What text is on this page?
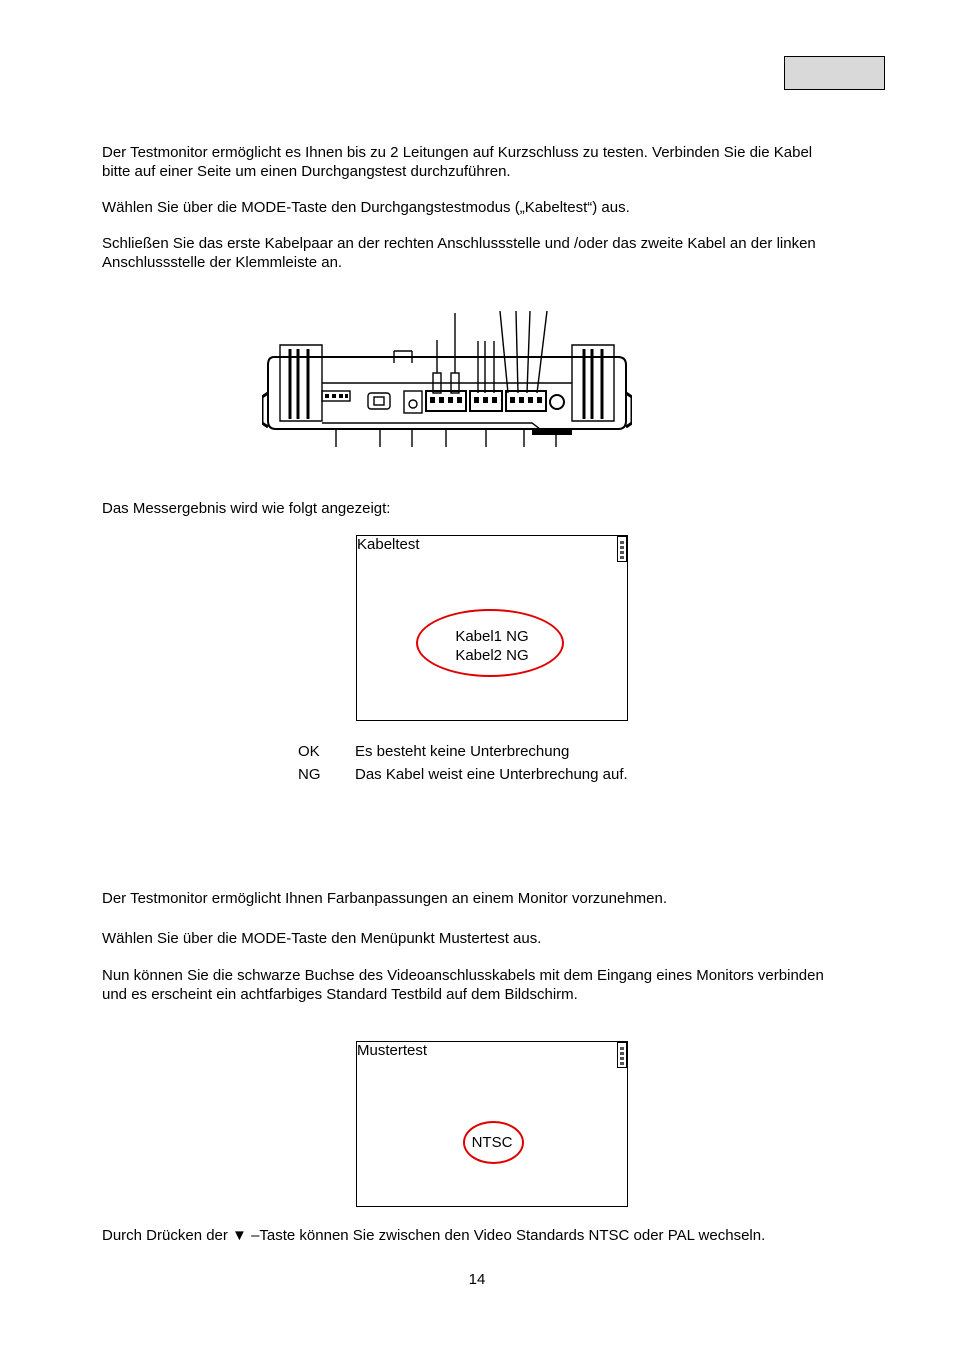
Der Testmonitor ermöglicht es Ihnen bis zu 2 Leitungen auf Kurzschluss zu testen. Verbinden Sie die Kabel
bitte auf einer Seite um einen Durchgangstest durchzuführen.

Wählen Sie über die MODE-Taste den Durchgangstestmodus („Kabeltest“) aus.

Schließen Sie das erste Kabelpaar an der rechten Anschlussstelle und /oder das zweite Kabel an der linken
Anschlussstelle der Klemmleiste an.

Das Messergebnis wird wie folgt angezeigt:

Kabeltest
Kabel1 NG
Kabel2 NG
OK Es besteht keine Unterbrechung
NG Das Kabel weist eine Unterbrechung auf.

Der Testmonitor ermöglicht Ihnen Farbanpassungen an einem Monitor vorzunehmen.

Wählen Sie über die MODE-Taste den Menüpunkt Mustertest aus.

Nun können Sie die schwarze Buchse des Videoanschlusskabels mit dem Eingang eines Monitors verbinden
und es erscheint ein achtfarbiges Standard Testbild auf dem Bildschirm.

Mustertest
NTSC

Durch Drücken der ▼ –Taste können Sie zwischen den Video Standards NTSC oder PAL wechseln.

14
